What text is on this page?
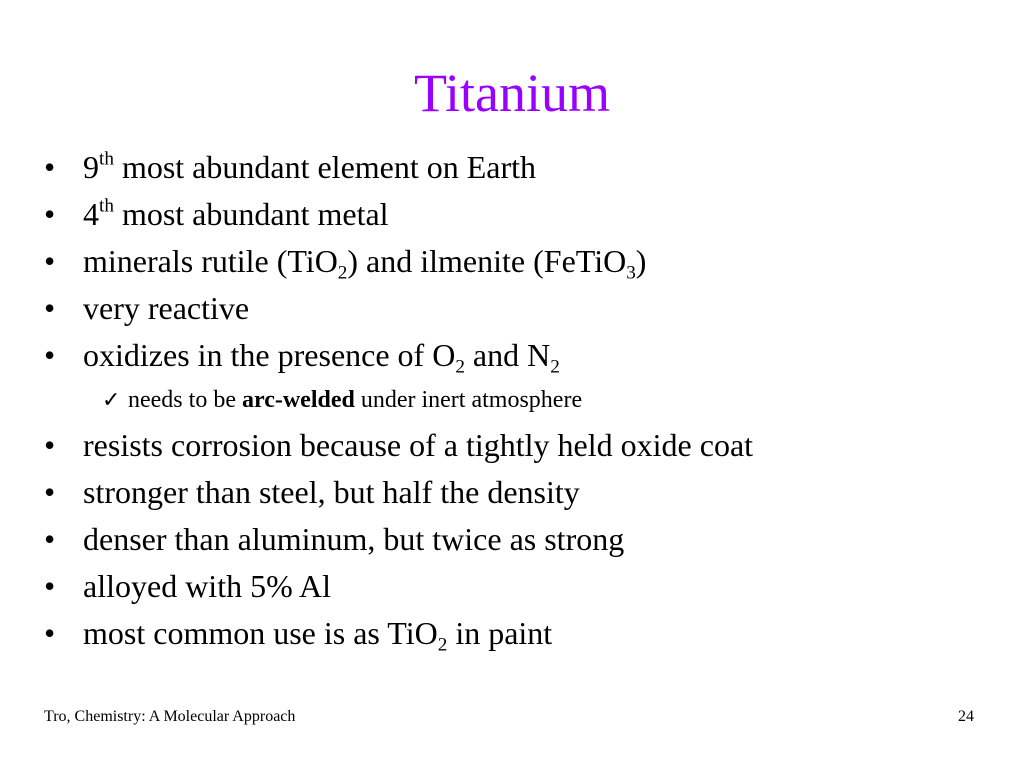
Titanium
• 9th most abundant element on Earth
• 4th most abundant metal
• minerals rutile (TiO$_2$) and ilmenite (FeTiO$_3$)
• very reactive
• oxidizes in the presence of $O_2$ and $N_2$
✓ needs to be arc-welded under inert atmosphere
• resists corrosion because of a tightly held oxide coat
• stronger than steel, but half the density
• denser than aluminum, but twice as strong
• alloyed with 5% Al
• most common use is as TiO$_2$ in paint
Tro, Chemistry: A Molecular Approach	24
